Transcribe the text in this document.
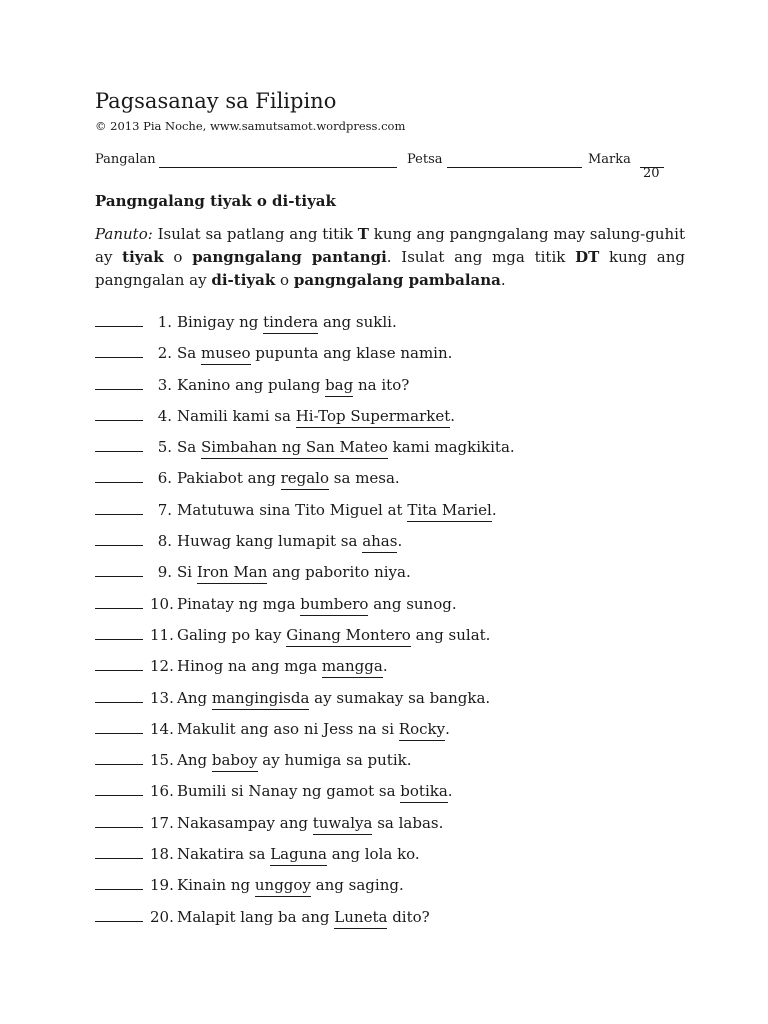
Pagsasanay sa Filipino
© 2013 Pia Noche, www.samutsamot.wordpress.com
Pangalan	Petsa	Marka
20
Pangngalang tiyak o di-tiyak
Panuto: Isulat sa patlang ang titik T kung ang pangngalang may salung-guhit ay tiyak o pangngalang pantangi. Isulat ang mga titik DT kung ang pangngalan ay di-tiyak o pangngalang pambalana.
1. Binigay ng tindera ang sukli.
2. Sa museo pupunta ang klase namin.
3. Kanino ang pulang bag na ito?
4. Namili kami sa Hi-Top Supermarket.
5. Sa Simbahan ng San Mateo kami magkikita.
6. Pakiabot ang regalo sa mesa.
7. Matutuwa sina Tito Miguel at Tita Mariel.
8. Huwag kang lumapit sa ahas.
9. Si Iron Man ang paborito niya.
10. Pinatay ng mga bumbero ang sunog.
11. Galing po kay Ginang Montero ang sulat.
12. Hinog na ang mga mangga.
13. Ang mangingisda ay sumakay sa bangka.
14. Makulit ang aso ni Jess na si Rocky.
15. Ang baboy ay humiga sa putik.
16. Bumili si Nanay ng gamot sa botika.
17. Nakasampay ang tuwalya sa labas.
18. Nakatira sa Laguna ang lola ko.
19. Kinain ng unggoy ang saging.
20. Malapit lang ba ang Luneta dito?
